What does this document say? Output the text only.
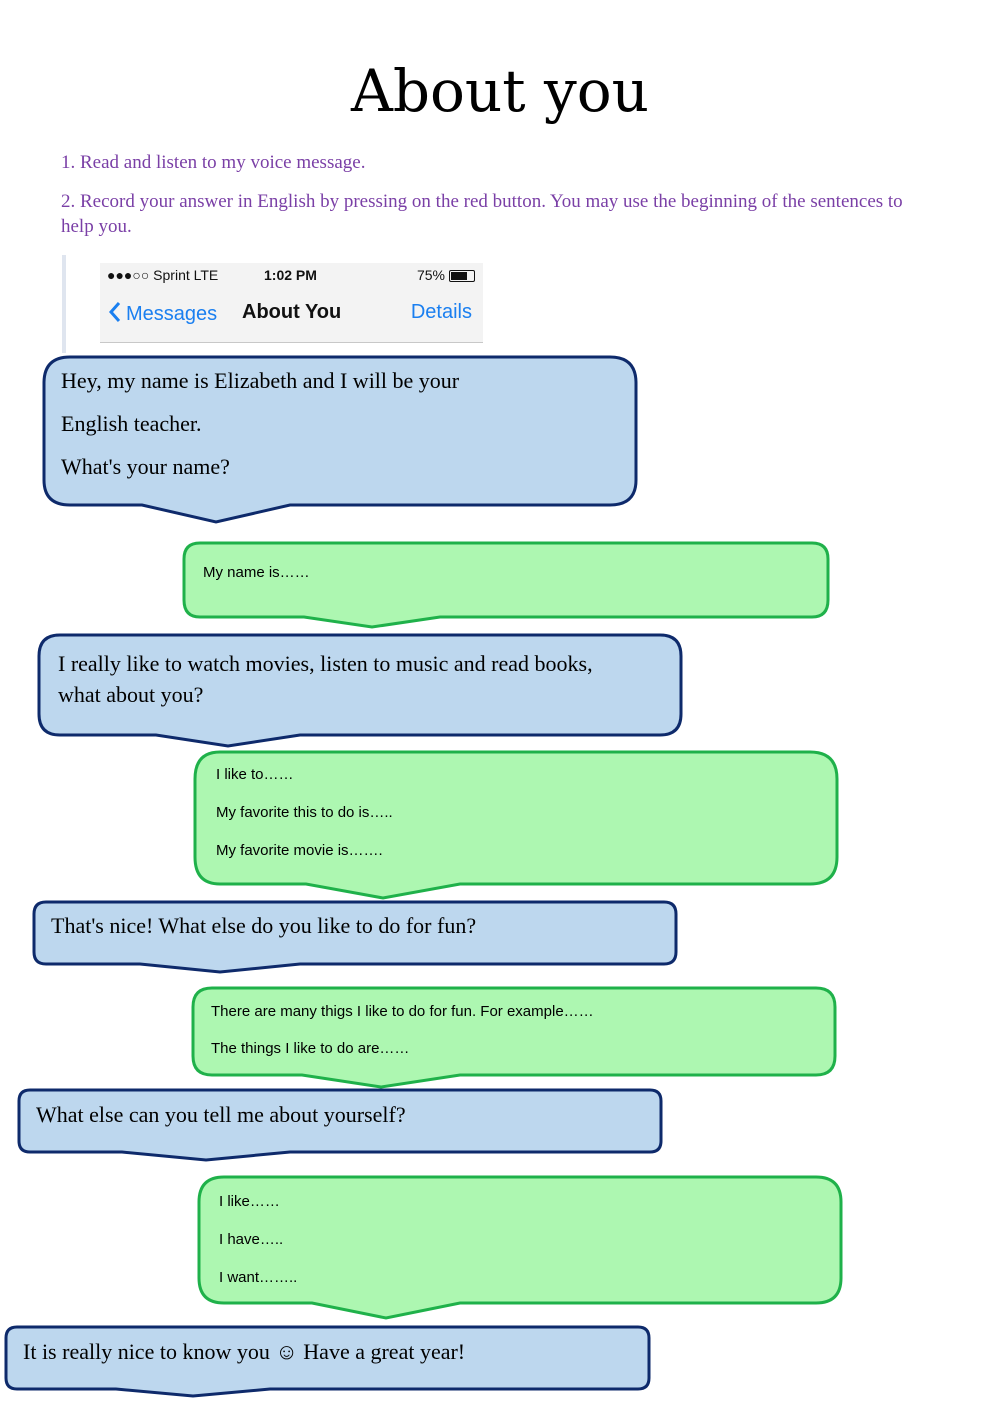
About you
1. Read and listen to my voice message.
2. Record your answer in English by pressing on the red button. You may use the beginning of the sentences to help you.
●●●○○ Sprint LTE	1:02 PM	75%
Messages About You	Details
Hey, my name is Elizabeth and I will be your
English teacher.
What's your name?
My name is……
I really like to watch movies, listen to music and read books,
what about you?
I like to……
My favorite this to do is…..
My favorite movie is…….
That's nice! What else do you like to do for fun?
There are many thigs I like to do for fun. For example……
The things I like to do are……
What else can you tell me about yourself?
I like……
I have…..
I want……..
It is really nice to know you ☺ Have a great year!
